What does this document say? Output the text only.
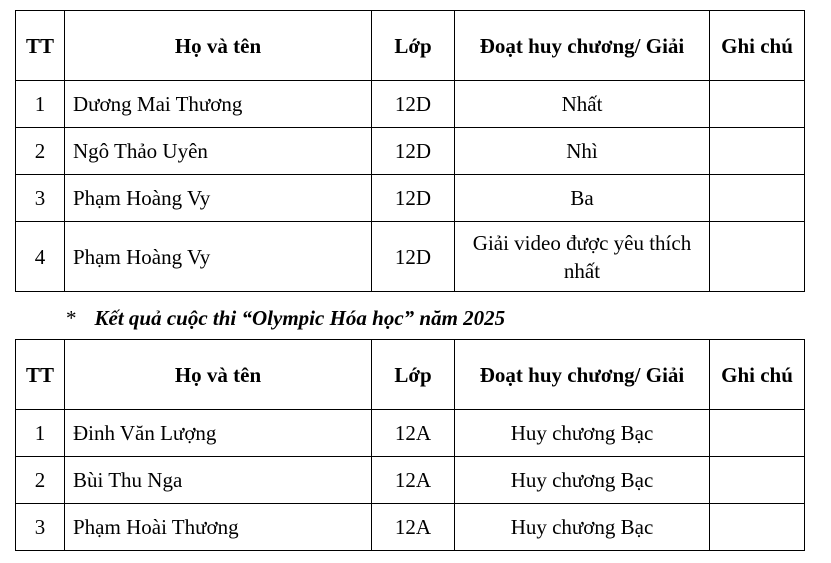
TT	Họ và tên	Lớp	Đoạt huy chương/ Giải	Ghi chú
1	Dương Mai Thương	12D	Nhất	
2	Ngô Thảo Uyên	12D	Nhì	
3	Phạm Hoàng Vy	12D	Ba	
4	Phạm Hoàng Vy	12D	Giải video được yêu thích nhất	
* Kết quả cuộc thi “Olympic Hóa học” năm 2025
TT	Họ và tên	Lớp	Đoạt huy chương/ Giải	Ghi chú
1	Đinh Văn Lượng	12A	Huy chương Bạc	
2	Bùi Thu Nga	12A	Huy chương Bạc	
3	Phạm Hoài Thương	12A	Huy chương Bạc	
